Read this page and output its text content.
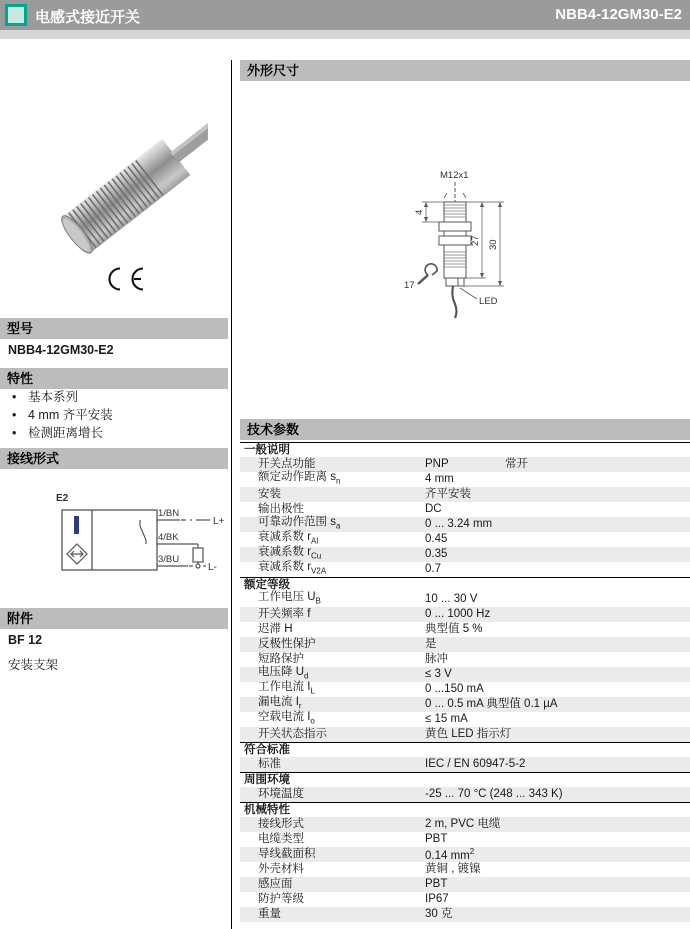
电感式接近开关	NBB4-12GM30-E2
型号
NBB4-12GM30-E2
特性
• 基本系列
• 4 mm 齐平安装
• 检测距离增长
接线形式
E2
1/BN
4/BK
3/BU
L+
L-
附件
BF 12
安装支架
外形尺寸
M12x1
4
27 30
17
LED
技术参数
一般说明
开关点功能	PNP	常开
额定动作距离 $s_n$	4 mm
安装	齐平安装
输出极性	DC
可靠动作范围 $s_a$	0 ... 3.24 mm
衰减系数 $r_{Al}$	0.45
衰减系数 $r_{Cu}$	0.35
衰减系数 $r_{V2A}$	0.7
额定等级
工作电压 $U_B$	10 ... 30 V
开关频率 f	0 ... 1000 Hz
迟滞 H	典型值 5 %
反极性保护	是
短路保护	脉冲
电压降 $U_d$	≤ 3 V
工作电流 $I_L$	0 ...150 mA
漏电流 $I_r$	0 ... 0.5 mA 典型值 0.1 µA
空载电流 $I_o$	≤ 15 mA
开关状态指示	黄色 LED 指示灯
符合标准
标准	IEC / EN 60947-5-2
周围环境
环境温度	-25 ... 70 °C (248 ... 343 K)
机械特性
接线形式	2 m, PVC 电缆
电缆类型	PBT
导线截面积	0.14 $mm^2$
外壳材料	黄铜 , 镀镍
感应面	PBT
防护等级	IP67
重量	30 克
